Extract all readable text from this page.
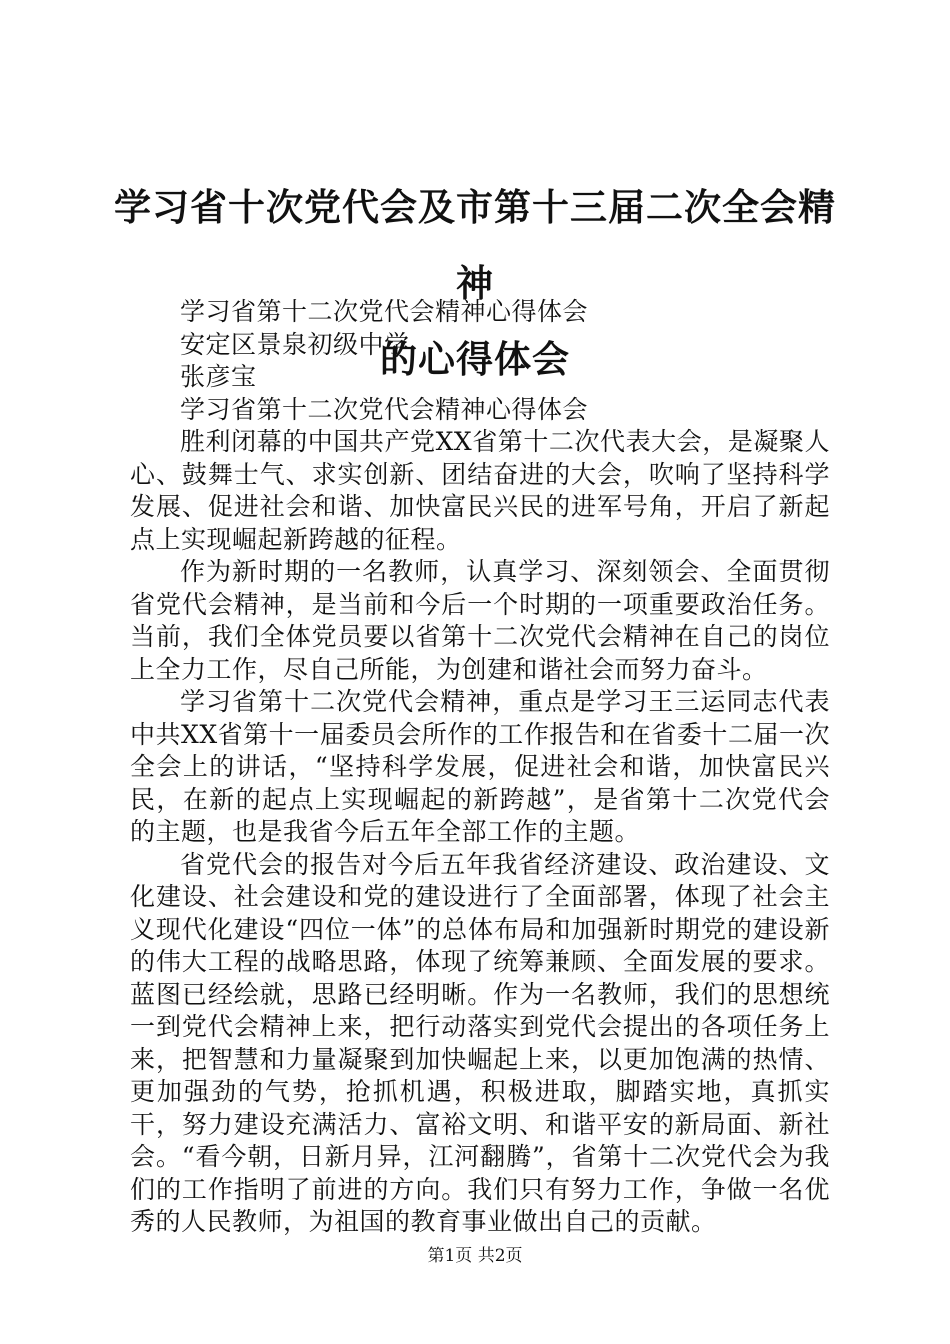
学习省十次党代会及市第十三届二次全会精神
的心得体会

学习省第十二次党代会精神心得体会

安定区景泉初级中学

张彦宝

学习省第十二次党代会精神心得体会

胜利闭幕的中国共产党XX省第十二次代表大会，是凝聚人心、鼓舞士气、求实创新、团结奋进的大会，吹响了坚持科学发展、促进社会和谐、加快富民兴民的进军号角，开启了新起点上实现崛起新跨越的征程。

作为新时期的一名教师，认真学习、深刻领会、全面贯彻省党代会精神，是当前和今后一个时期的一项重要政治任务。当前，我们全体党员要以省第十二次党代会精神在自己的岗位上全力工作，尽自己所能，为创建和谐社会而努力奋斗。

学习省第十二次党代会精神，重点是学习王三运同志代表中共XX省第十一届委员会所作的工作报告和在省委十二届一次全会上的讲话，“坚持科学发展，促进社会和谐，加快富民兴民，在新的起点上实现崛起的新跨越”，是省第十二次党代会的主题，也是我省今后五年全部工作的主题。

省党代会的报告对今后五年我省经济建设、政治建设、文化建设、社会建设和党的建设进行了全面部署，体现了社会主义现代化建设“四位一体”的总体布局和加强新时期党的建设新的伟大工程的战略思路，体现了统筹兼顾、全面发展的要求。蓝图已经绘就，思路已经明晰。作为一名教师，我们的思想统一到党代会精神上来，把行动落实到党代会提出的各项任务上来，把智慧和力量凝聚到加快崛起上来，以更加饱满的热情、更加强劲的气势，抢抓机遇，积极进取，脚踏实地，真抓实干，努力建设充满活力、富裕文明、和谐平安的新局面、新社会。“看今朝，日新月异，江河翻腾”，省第十二次党代会为我们的工作指明了前进的方向。我们只有努力工作，争做一名优秀的人民教师，为祖国的教育事业做出自己的贡献。

第1页 共2页
